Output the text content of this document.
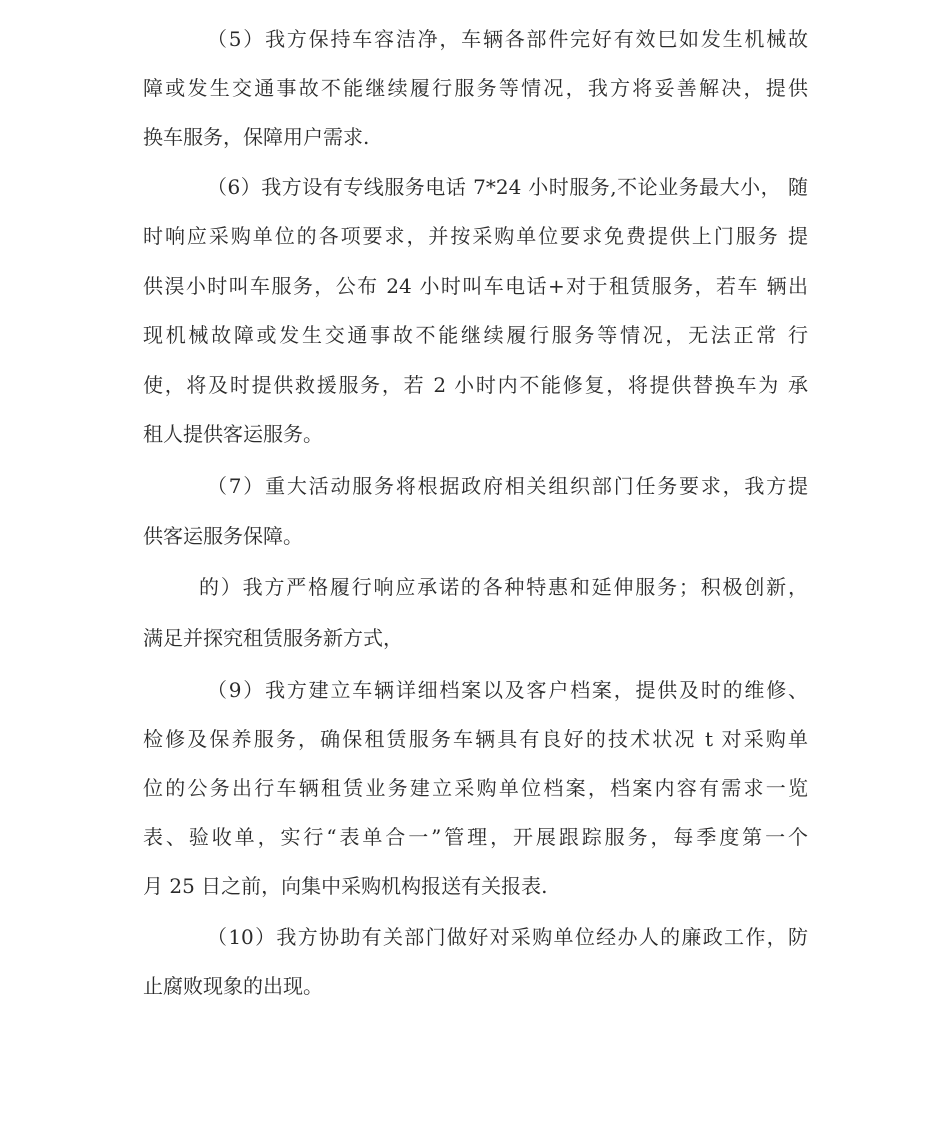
（5）我方保持车容洁净，车辆各部件完好有效巳如发生机械故
障或发生交通事故不能继续履行服务等情况，我方将妥善解决，提供
换车服务，保障用户需求.
（6）我方设有专线服务电话 7*24 小时服务,不论业务最大小， 随
时响应采购单位的各项要求，并按采购单位要求免费提供上门服务 提
供淏小时叫车服务，公布 24 小时叫车电话+对于租赁服务，若车 辆出
现机械故障或发生交通事故不能继续履行服务等情况，无法正常 行
使，将及时提供救援服务，若 2 小时内不能修复，将提供替换车为 承
租人提供客运服务。
（7）重大活动服务将根据政府相关组织部门任务要求，我方提
供客运服务保障。
的）我方严格履行响应承诺的各种特惠和延伸服务；积极创新，
满足并探究租赁服务新方式，
（9）我方建立车辆详细档案以及客户档案，提供及时的维修、
检修及保养服务，确保租赁服务车辆具有良好的技术状况 t 对采购单
位的公务出行车辆租赁业务建立采购单位档案，档案内容有需求一览
表、验收单，实行“表单合一”管理，开展跟踪服务，每季度第一个
月 25 日之前，向集中采购机构报送有关报表.
（10）我方协助有关部门做好对采购单位经办人的廉政工作，防
止腐败现象的出现。
